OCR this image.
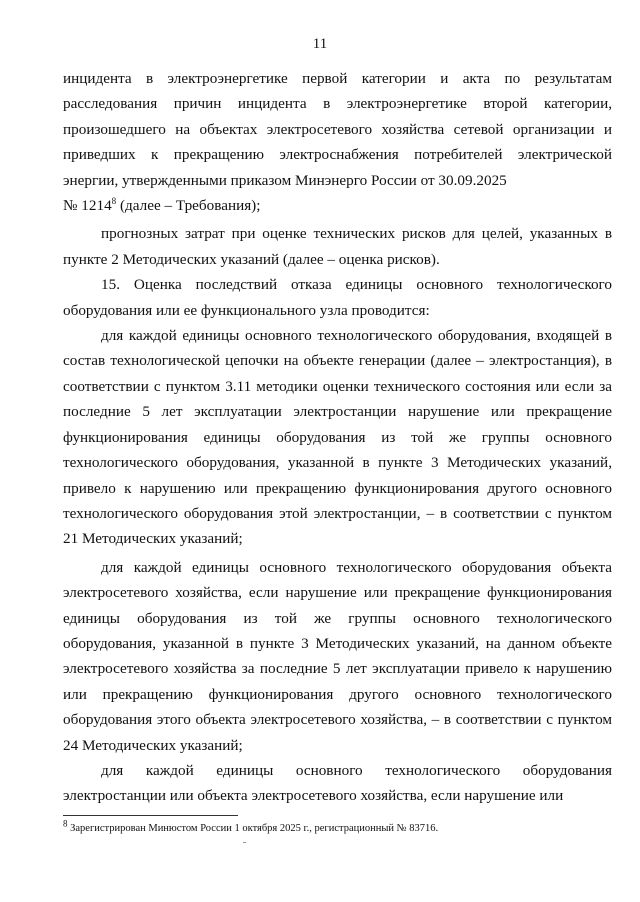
11

инцидента в электроэнергетике первой категории и акта по результатам расследования причин инцидента в электроэнергетике второй категории, произошедшего на объектах электросетевого хозяйства сетевой организации и приведших к прекращению электроснабжения потребителей электрической энергии, утвержденными приказом Минэнерго России от 30.09.2025
№ 1214$^8$ (далее – Требования);

прогнозных затрат при оценке технических рисков для целей, указанных в пункте 2 Методических указаний (далее – оценка рисков).

15. Оценка последствий отказа единицы основного технологического оборудования или ее функционального узла проводится:

для каждой единицы основного технологического оборудования, входящей в состав технологической цепочки на объекте генерации (далее – электростанция), в соответствии с пунктом 3.11 методики оценки технического состояния или если за последние 5 лет эксплуатации электростанции нарушение или прекращение функционирования единицы оборудования из той же группы основного технологического оборудования, указанной в пункте 3 Методических указаний, привело к нарушению или прекращению функционирования другого основного технологического оборудования этой электростанции, – в соответствии с пунктом 21 Методических указаний;

для каждой единицы основного технологического оборудования объекта электросетевого хозяйства, если нарушение или прекращение функционирования единицы оборудования из той же группы основного технологического оборудования, указанной в пункте 3 Методических указаний, на данном объекте электросетевого хозяйства за последние 5 лет эксплуатации привело к нарушению или прекращению функционирования другого основного технологического оборудования этого объекта электросетевого хозяйства, – в соответствии с пунктом 24 Методических указаний;

для каждой единицы основного технологического оборудования электростанции или объекта электросетевого хозяйства, если нарушение или

$^8$ Зарегистрирован Минюстом России 1 октября 2025 г., регистрационный № 83716.
